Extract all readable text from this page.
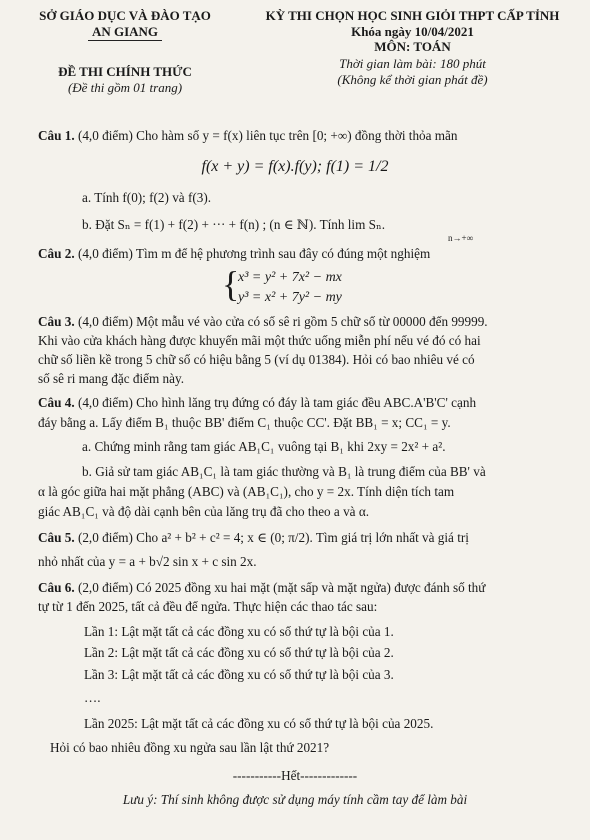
SỞ GIÁO DỤC VÀ ĐÀO TẠO
AN GIANG
ĐỀ THI CHÍNH THỨC
(Đề thi gồm 01 trang)
KỲ THI CHỌN HỌC SINH GIỎI THPT CẤP TỈNH
Khóa ngày 10/04/2021
MÔN: TOÁN
Thời gian làm bài: 180 phút
(Không kể thời gian phát đề)
Câu 1. (4,0 điểm) Cho hàm số y = f(x) liên tục trên [0; +∞) đồng thời thỏa mãn
f(x + y) = f(x).f(y); f(1) = 1/2
a. Tính f(0); f(2) và f(3).
b. Đặt Sₙ = f(1) + f(2) + ··· + f(n) ; (n ∈ ℕ). Tính lim Sₙ.
n→+∞
Câu 2. (4,0 điểm) Tìm m để hệ phương trình sau đây có đúng một nghiệm
{
x³ = y² + 7x² − mx
y³ = x² + 7y² − my
Câu 3. (4,0 điểm) Một mẫu vé vào cửa có số sê ri gồm 5 chữ số từ 00000 đến 99999.
Khi vào cửa khách hàng được khuyến mãi một thức uống miễn phí nếu vé đó có hai
chữ số liền kề trong 5 chữ số có hiệu bằng 5 (ví dụ 01384). Hỏi có bao nhiêu vé có
số sê ri mang đặc điểm này.
Câu 4. (4,0 điểm) Cho hình lăng trụ đứng có đáy là tam giác đều ABC.A'B'C' cạnh
đáy bằng a. Lấy điểm B₁ thuộc BB' điểm C₁ thuộc CC'. Đặt BB₁ = x; CC₁ = y.
a. Chứng minh rằng tam giác AB₁C₁ vuông tại B₁ khi 2xy = 2x² + a².
b. Giả sử tam giác AB₁C₁ là tam giác thường và B₁ là trung điểm của BB' và
α là góc giữa hai mặt phẳng (ABC) và (AB₁C₁), cho y = 2x. Tính diện tích tam
giác AB₁C₁ và độ dài cạnh bên của lăng trụ đã cho theo a và α.
Câu 5. (2,0 điểm) Cho a² + b² + c² = 4; x ∈ (0; π/2). Tìm giá trị lớn nhất và giá trị
nhỏ nhất của y = a + b√2 sin x + c sin 2x.
Câu 6. (2,0 điểm) Có 2025 đồng xu hai mặt (mặt sấp và mặt ngửa) được đánh số thứ
tự từ 1 đến 2025, tất cả đều để ngửa. Thực hiện các thao tác sau:
Lần 1: Lật mặt tất cả các đồng xu có số thứ tự là bội của 1.
Lần 2: Lật mặt tất cả các đồng xu có số thứ tự là bội của 2.
Lần 3: Lật mặt tất cả các đồng xu có số thứ tự là bội của 3.
….
Lần 2025: Lật mặt tất cả các đồng xu có số thứ tự là bội của 2025.
Hỏi có bao nhiêu đồng xu ngửa sau lần lật thứ 2021?
-----------Hết-------------
Lưu ý: Thí sinh không được sử dụng máy tính cầm tay để làm bài
